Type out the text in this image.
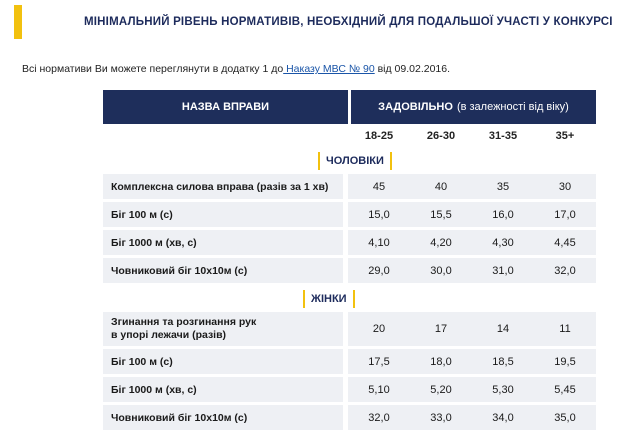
МІНІМАЛЬНИЙ РІВЕНЬ НОРМАТИВІВ, НЕОБХІДНИЙ ДЛЯ ПОДАЛЬШОЇ УЧАСТІ У КОНКУРСІ
Всі нормативи Ви можете переглянути в додатку 1 до Наказу МВС № 90 від 09.02.2016.
НАЗВА ВПРАВИ	ЗАДОВІЛЬНО (в залежності від віку)
18-25	26-30	31-35	35+
ЧОЛОВІКИ
Комплексна силова вправа (разів за 1 хв)	45	40	35	30
Біг 100 м (с)	15,0	15,5	16,0	17,0
Біг 1000 м (хв, с)	4,10	4,20	4,30	4,45
Човниковий біг 10х10м (с)	29,0	30,0	31,0	32,0
ЖІНКИ
Згинання та розгинання рук
в упорі лежачи (разів)	20	17	14	11
Біг 100 м (с)	17,5	18,0	18,5	19,5
Біг 1000 м (хв, с)	5,10	5,20	5,30	5,45
Човниковий біг 10х10м (с)	32,0	33,0	34,0	35,0
